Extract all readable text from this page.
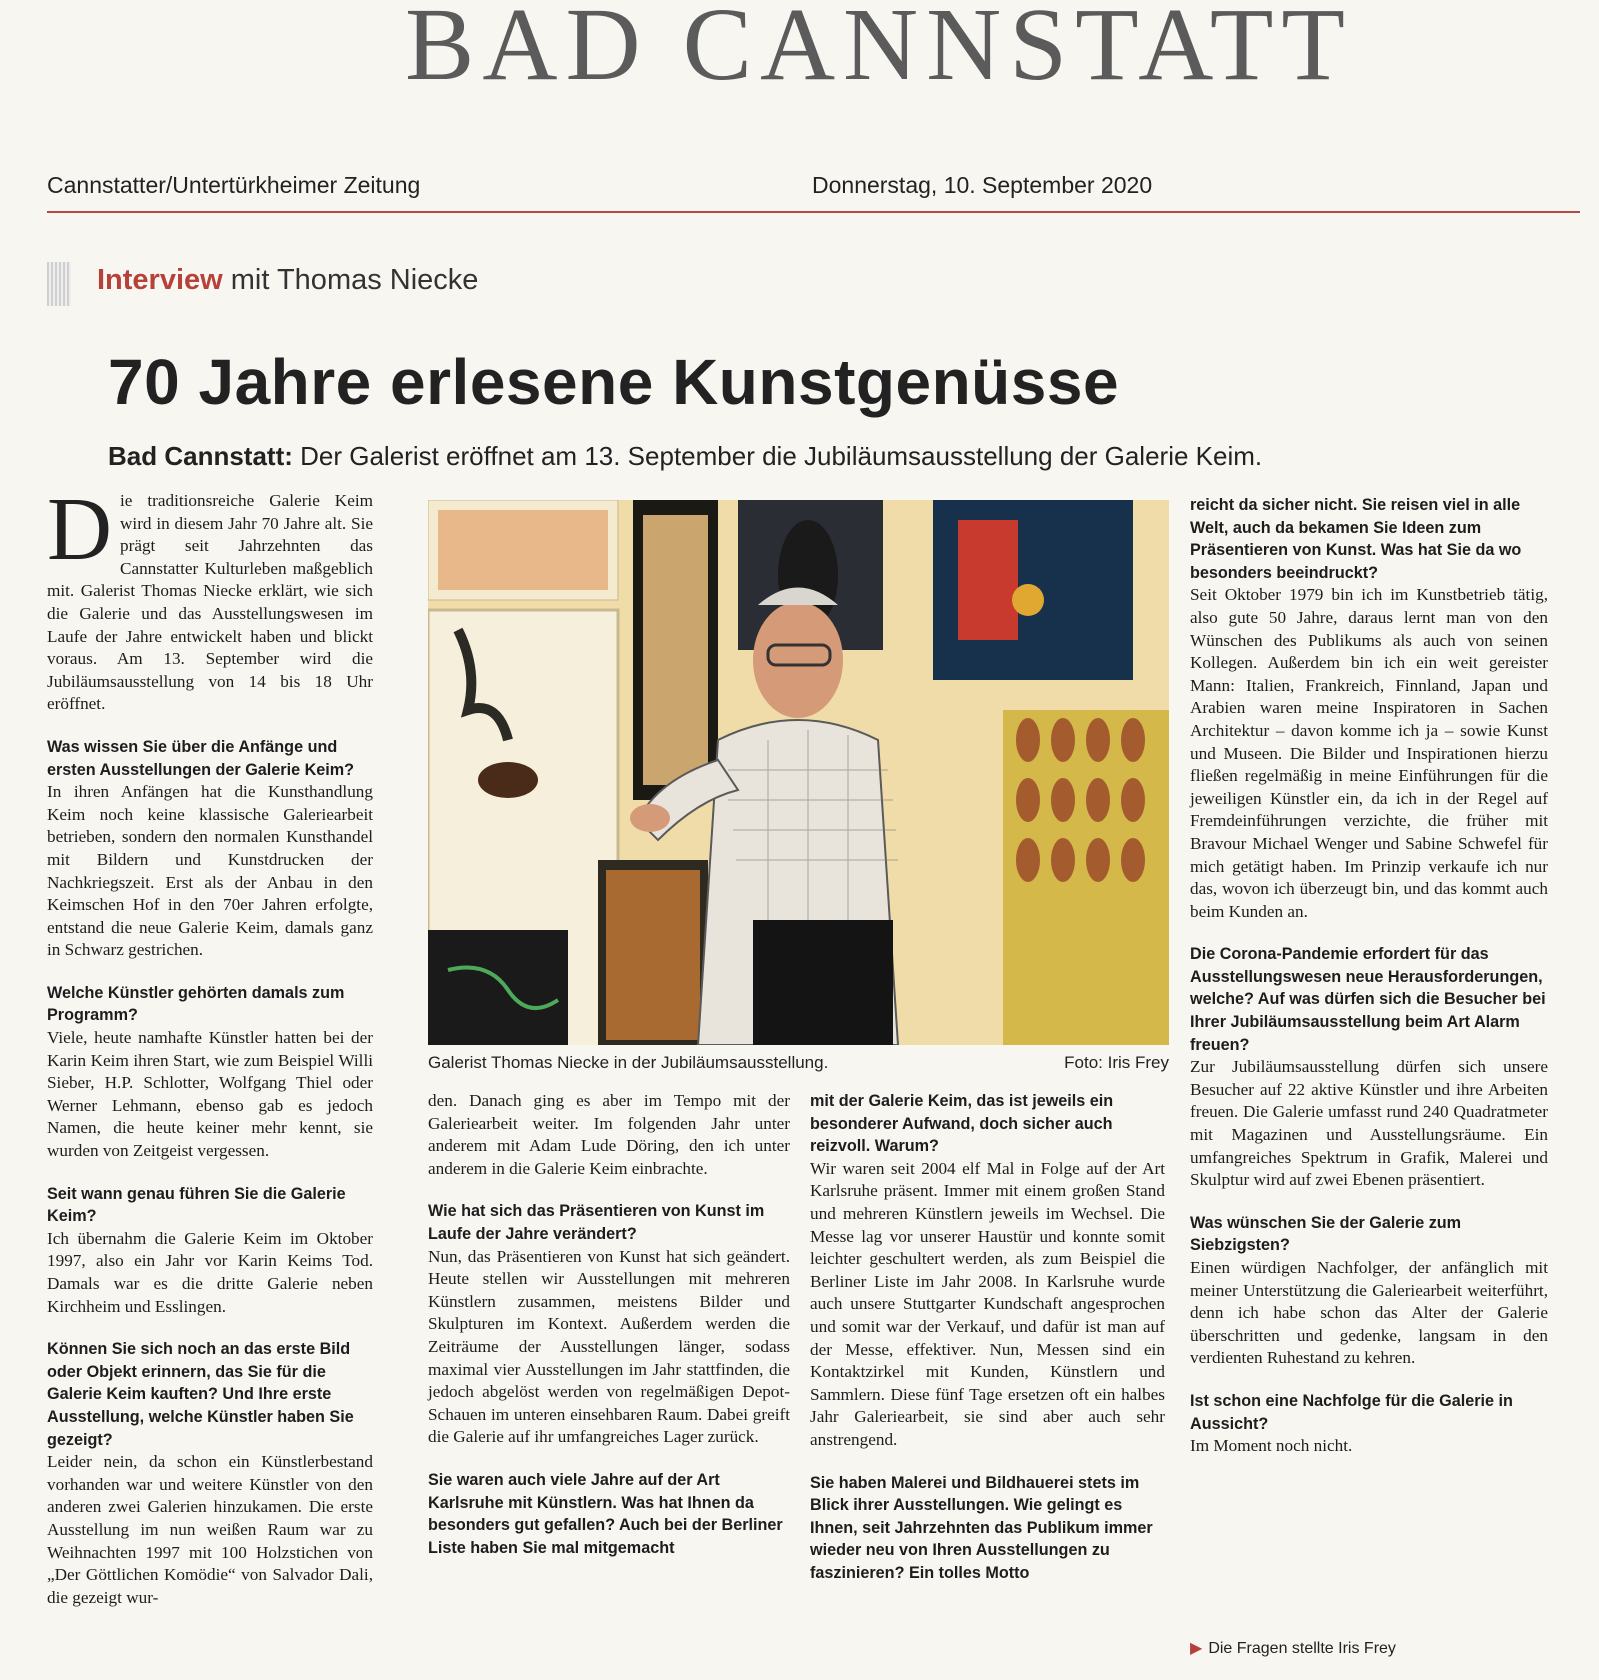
BAD CANNSTATT
Cannstatter/Untertürkheimer Zeitung	Donnerstag, 10. September 2020
Interview mit Thomas Niecke
70 Jahre erlesene Kunstgenüsse
Bad Cannstatt: Der Galerist eröffnet am 13. September die Jubiläumsausstellung der Galerie Keim.

Die traditionsreiche Galerie Keim wird in diesem Jahr 70 Jahre alt. Sie prägt seit Jahrzehnten das Cannstatter Kulturleben maßgeblich mit. Galerist Thomas Niecke erklärt, wie sich die Galerie und das Ausstellungswesen im Laufe der Jahre entwickelt haben und blickt voraus. Am 13. September wird die Jubiläumsausstellung von 14 bis 18 Uhr eröffnet.

Was wissen Sie über die Anfänge und ersten Ausstellungen der Galerie Keim?

In ihren Anfängen hat die Kunsthandlung Keim noch keine klassische Galeriearbeit betrieben, sondern den normalen Kunsthandel mit Bildern und Kunstdrucken der Nachkriegszeit. Erst als der Anbau in den Keimschen Hof in den 70er Jahren erfolgte, entstand die neue Galerie Keim, damals ganz in Schwarz gestrichen.

Welche Künstler gehörten damals zum Programm?

Viele, heute namhafte Künstler hatten bei der Karin Keim ihren Start, wie zum Beispiel Willi Sieber, H.P. Schlotter, Wolfgang Thiel oder Werner Lehmann, ebenso gab es jedoch Namen, die heute keiner mehr kennt, sie wurden von Zeitgeist vergessen.

Seit wann genau führen Sie die Galerie Keim?

Ich übernahm die Galerie Keim im Oktober 1997, also ein Jahr vor Karin Keims Tod. Damals war es die dritte Galerie neben Kirchheim und Esslingen.

Können Sie sich noch an das erste Bild oder Objekt erinnern, das Sie für die Galerie Keim kauften? Und Ihre erste Ausstellung, welche Künstler haben Sie gezeigt?

Leider nein, da schon ein Künstlerbestand vorhanden war und weitere Künstler von den anderen zwei Galerien hinzukamen. Die erste Ausstellung im nun weißen Raum war zu Weihnachten 1997 mit 100 Holzstichen von „Der Göttlichen Komödie“ von Salvador Dali, die gezeigt wur-

Galerist Thomas Niecke in der Jubiläumsausstellung.	Foto: Iris Frey

den. Danach ging es aber im Tempo mit der Galeriearbeit weiter. Im folgenden Jahr unter anderem mit Adam Lude Döring, den ich unter anderem in die Galerie Keim einbrachte.

Wie hat sich das Präsentieren von Kunst im Laufe der Jahre verändert?

Nun, das Präsentieren von Kunst hat sich geändert. Heute stellen wir Ausstellungen mit mehreren Künstlern zusammen, meistens Bilder und Skulpturen im Kontext. Außerdem werden die Zeiträume der Ausstellungen länger, sodass maximal vier Ausstellungen im Jahr stattfinden, die jedoch abgelöst werden von regelmäßigen Depot-Schauen im unteren einsehbaren Raum. Dabei greift die Galerie auf ihr umfangreiches Lager zurück.

Sie waren auch viele Jahre auf der Art Karlsruhe mit Künstlern. Was hat Ihnen da besonders gut gefallen? Auch bei der Berliner Liste haben Sie mal mitgemacht
mit der Galerie Keim, das ist jeweils ein besonderer Aufwand, doch sicher auch reizvoll. Warum?

Wir waren seit 2004 elf Mal in Folge auf der Art Karlsruhe präsent. Immer mit einem großen Stand und mehreren Künstlern jeweils im Wechsel. Die Messe lag vor unserer Haustür und konnte somit leichter geschultert werden, als zum Beispiel die Berliner Liste im Jahr 2008. In Karlsruhe wurde auch unsere Stuttgarter Kundschaft angesprochen und somit war der Verkauf, und dafür ist man auf der Messe, effektiver. Nun, Messen sind ein Kontaktzirkel mit Kunden, Künstlern und Sammlern. Diese fünf Tage ersetzen oft ein halbes Jahr Galeriearbeit, sie sind aber auch sehr anstrengend.

Sie haben Malerei und Bildhauerei stets im Blick ihrer Ausstellungen. Wie gelingt es Ihnen, seit Jahrzehnten das Publikum immer wieder neu von Ihren Ausstellungen zu faszinieren? Ein tolles Motto
reicht da sicher nicht. Sie reisen viel in alle Welt, auch da bekamen Sie Ideen zum Präsentieren von Kunst. Was hat Sie da wo besonders beeindruckt?

Seit Oktober 1979 bin ich im Kunstbetrieb tätig, also gute 50 Jahre, daraus lernt man von den Wünschen des Publikums als auch von seinen Kollegen. Außerdem bin ich ein weit gereister Mann: Italien, Frankreich, Finnland, Japan und Arabien waren meine Inspiratoren in Sachen Architektur – davon komme ich ja – sowie Kunst und Museen. Die Bilder und Inspirationen hierzu fließen regelmäßig in meine Einführungen für die jeweiligen Künstler ein, da ich in der Regel auf Fremdeinführungen verzichte, die früher mit Bravour Michael Wenger und Sabine Schwefel für mich getätigt haben. Im Prinzip verkaufe ich nur das, wovon ich überzeugt bin, und das kommt auch beim Kunden an.

Die Corona-Pandemie erfordert für das Ausstellungswesen neue Herausforderungen, welche? Auf was dürfen sich die Besucher bei Ihrer Jubiläumsausstellung beim Art Alarm freuen?

Zur Jubiläumsausstellung dürfen sich unsere Besucher auf 22 aktive Künstler und ihre Arbeiten freuen. Die Galerie umfasst rund 240 Quadratmeter mit Magazinen und Ausstellungsräume. Ein umfangreiches Spektrum in Grafik, Malerei und Skulptur wird auf zwei Ebenen präsentiert.

Was wünschen Sie der Galerie zum Siebzigsten?

Einen würdigen Nachfolger, der anfänglich mit meiner Unterstützung die Galeriearbeit weiterführt, denn ich habe schon das Alter der Galerie überschritten und gedenke, langsam in den verdienten Ruhestand zu kehren.

Ist schon eine Nachfolge für die Galerie in Aussicht?

Im Moment noch nicht.

▶ Die Fragen stellte Iris Frey
